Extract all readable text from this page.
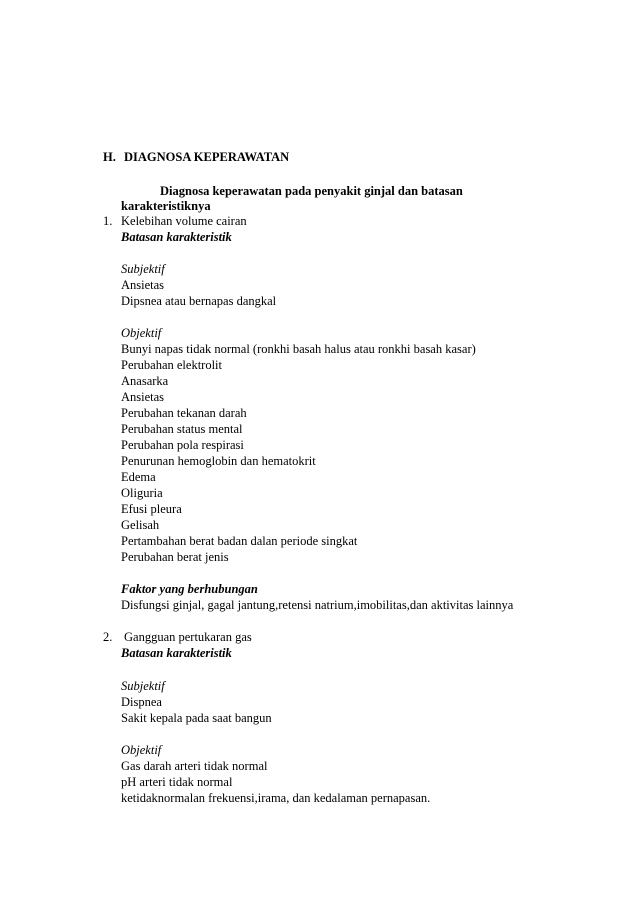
H. DIAGNOSA KEPERAWATAN
Diagnosa keperawatan pada penyakit ginjal dan batasan
karakteristiknya
1. Kelebihan volume cairan
Batasan karakteristik
Subjektif
Ansietas
Dipsnea atau bernapas dangkal
Objektif
Bunyi napas tidak normal (ronkhi basah halus atau ronkhi basah kasar)
Perubahan elektrolit
Anasarka
Ansietas
Perubahan tekanan darah
Perubahan status mental
Perubahan pola respirasi
Penurunan hemoglobin dan hematokrit
Edema
Oliguria
Efusi pleura
Gelisah
Pertambahan berat badan dalan periode singkat
Perubahan berat jenis
Faktor yang berhubungan
Disfungsi ginjal, gagal jantung,retensi natrium,imobilitas,dan aktivitas lainnya
2. Gangguan pertukaran gas
Batasan karakteristik
Subjektif
Dispnea
Sakit kepala pada saat bangun
Objektif
Gas darah arteri tidak normal
pH arteri tidak normal
ketidaknormalan frekuensi,irama, dan kedalaman pernapasan.
